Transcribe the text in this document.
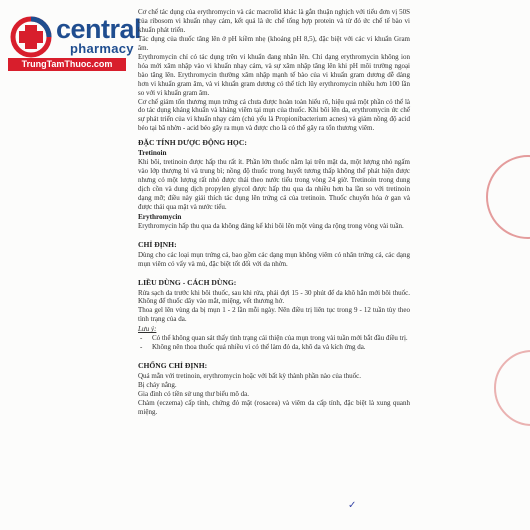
central
pharmacy
TrungTamThuoc.com

Cơ chế tác dụng của erythromycin và các macrolid khác là gắn thuận nghịch với tiểu đơn vị 50S của ribosom vi khuẩn nhạy cảm, kết quả là ức chế tổng hợp protein và từ đó ức chế tế bào vi khuẩn phát triển.

Tác dụng của thuốc tăng lên ở pH kiềm nhẹ (khoảng pH 8,5), đặc biệt với các vi khuẩn Gram âm.

Erythromycin chỉ có tác dụng trên vi khuẩn đang nhân lên. Chỉ dạng erythromycin không ion hóa mới xâm nhập vào vi khuẩn nhạy cảm, và sự xâm nhập tăng lên khi pH môi trường ngoại bào tăng lên. Erythromycin thường xâm nhập mạnh tế bào của vi khuẩn gram dương dễ dàng hơn vi khuẩn gram âm, và vi khuẩn gram dương có thể tích lũy erythromycin nhiều hơn 100 lần so với vi khuẩn gram âm.

Cơ chế giảm tổn thương mụn trứng cá chưa được hoàn toàn hiểu rõ, hiệu quả một phần có thể là do tác dụng kháng khuẩn và kháng viêm tại mụn của thuốc. Khi bôi lên da, erythromycin ức chế sự phát triển của vi khuẩn nhạy cảm (chủ yếu là Propionibacterium acnes) và giảm nồng độ acid béo tại bã nhờn - acid béo gây ra mụn và được cho là có thể gây ra tổn thương viêm.

ĐẶC TÍNH DƯỢC ĐỘNG HỌC:
Tretinoin

Khi bôi, tretinoin được hấp thu rất ít. Phần lớn thuốc nằm lại trên mặt da, một lượng nhỏ ngấm vào lớp thượng bì và trung bì; nồng độ thuốc trong huyết tương thấp không thể phát hiện được nhưng có một lượng rất nhỏ được thải theo nước tiểu trong vòng 24 giờ. Tretinoin trong dung dịch cồn và dung dịch propylen glycol được hấp thu qua da nhiều hơn ba lần so với tretinoin dạng mỡ; điều này giải thích tác dụng lên trứng cá của tretinoin. Thuốc chuyển hóa ở gan và được thải qua mật và nước tiểu.

Erythromycin

Erythromycin hấp thu qua da không đáng kể khi bôi lên một vùng da rộng trong vòng vài tuần.

CHỈ ĐỊNH:

Dùng cho các loại mụn trứng cá, bao gồm các dạng mụn không viêm có nhân trứng cá, các dạng mụn viêm có vẩy và mủ, đặc biệt tốt đối với da nhờn.

LIỀU DÙNG - CÁCH DÙNG:

Rửa sạch da trước khi bôi thuốc, sau khi rửa, phải đợi 15 - 30 phút để da khô hẳn mới bôi thuốc. Không để thuốc dây vào mắt, miệng, vết thương hở.

Thoa gel lên vùng da bị mụn 1 - 2 lần mỗi ngày. Nên điều trị liên tục trong 9 - 12 tuần tùy theo tình trạng của da.

Lưu ý:

- Có thể không quan sát thấy tình trạng cải thiện của mụn trong vài tuần mới bắt đầu điều trị.
- Không nên thoa thuốc quá nhiều vì có thể làm đỏ da, khô da và kích ứng da.
CHỐNG CHỈ ĐỊNH:

Quá mẫn với tretinoin, erythromycin hoặc với bất kỳ thành phần nào của thuốc.

Bị cháy nắng.

Gia đình có tiền sử ung thư biểu mô da.

Chàm (eczema) cấp tính, chứng đỏ mặt (rosacea) và viêm da cấp tính, đặc biệt là xung quanh miệng.

✓
